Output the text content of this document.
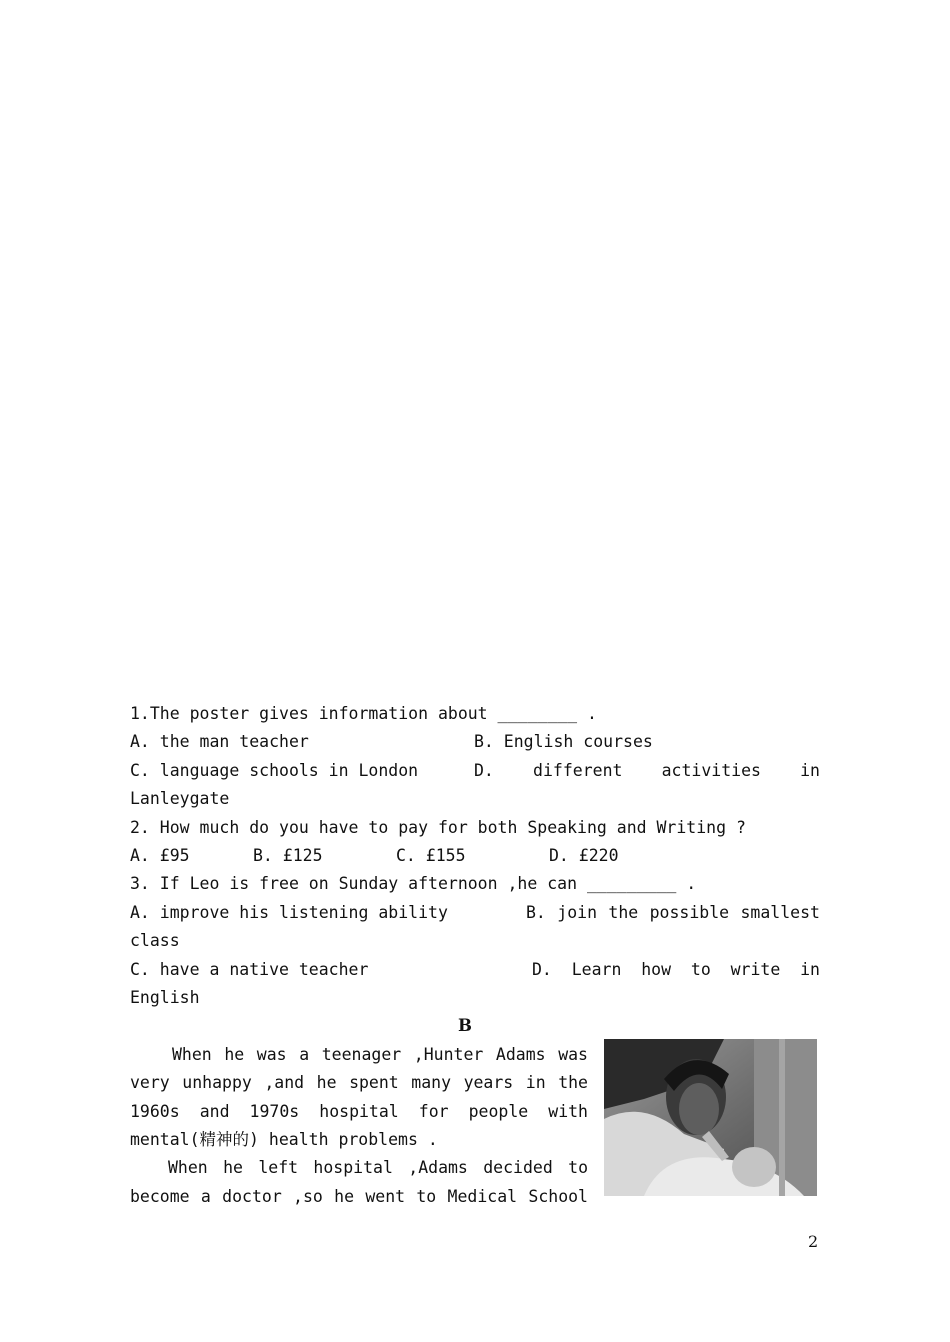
1.The poster gives information about ________ .
A. the man teacher	B. English courses
C. language schools in London	D. different activities in
Lanleygate
2. How much do you have to pay for both Speaking and Writing ?
A. £95	B. £125	C. £155	D. £220
3. If Leo is free on Sunday afternoon ,he can _________ .
A. improve his listening ability	B. join the possible smallest
class
C. have a native teacher	D. Learn how to write in
English
B
When he was a teenager ,Hunter Adams was very unhappy ,and he spent many years in the 1960s and 1970s hospital for people with mental(精神的) health problems .
When he left hospital ,Adams decided to become a doctor ,so he went to Medical School
2
